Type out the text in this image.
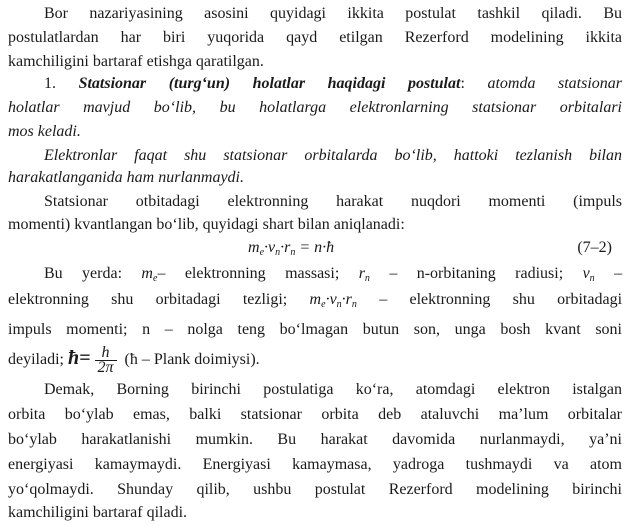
Bor nazariyasining asosini quyidagi ikkita postulat tashkil qiladi. Bu
postulatlardan har biri yuqorida qayd etilgan Rezerford modelining ikkita
kamchiligini bartaraf etishga qaratilgan.
1. Statsionar (turg‘un) holatlar haqidagi postulat: atomda statsionar
holatlar mavjud bo‘lib, bu holatlarga elektronlarning statsionar orbitalari
mos keladi.
Elektronlar faqat shu statsionar orbitalarda bo‘lib, hattoki tezlanish bilan
harakatlanganida ham nurlanmaydi.
Statsionar otbitadagi elektronning harakat nuqdori momenti (impuls
momenti) kvantlangan bo‘lib, quyidagi shart bilan aniqlanadi:
$m_e\cdot v_n\cdot r_n$ = n·ħ	(7–2)
Bu yerda: $m_e-$ elektronning massasi; $r_n$ – n-orbitaning radiusi; $v_n$ –
elektronning shu orbitadagi tezligi; $m_e\cdot v_n\cdot r_n$ – elektronning shu orbitadagi
impuls momenti; n – nolga teng bo‘lmagan butun son, unga bosh kvant soni
deyiladi; ħ= $\frac{h}{2\pi}$ (ħ – Plank doimiysi).
Demak, Borning birinchi postulatiga ko‘ra, atomdagi elektron istalgan
orbita bo‘ylab emas, balki statsionar orbita deb ataluvchi ma’lum orbitalar
bo‘ylab harakatlanishi mumkin. Bu harakat davomida nurlanmaydi, ya’ni
energiyasi kamaymaydi. Energiyasi kamaymasa, yadroga tushmaydi va atom
yo‘qolmaydi. Shunday qilib, ushbu postulat Rezerford modelining birinchi
kamchiligini bartaraf qiladi.
